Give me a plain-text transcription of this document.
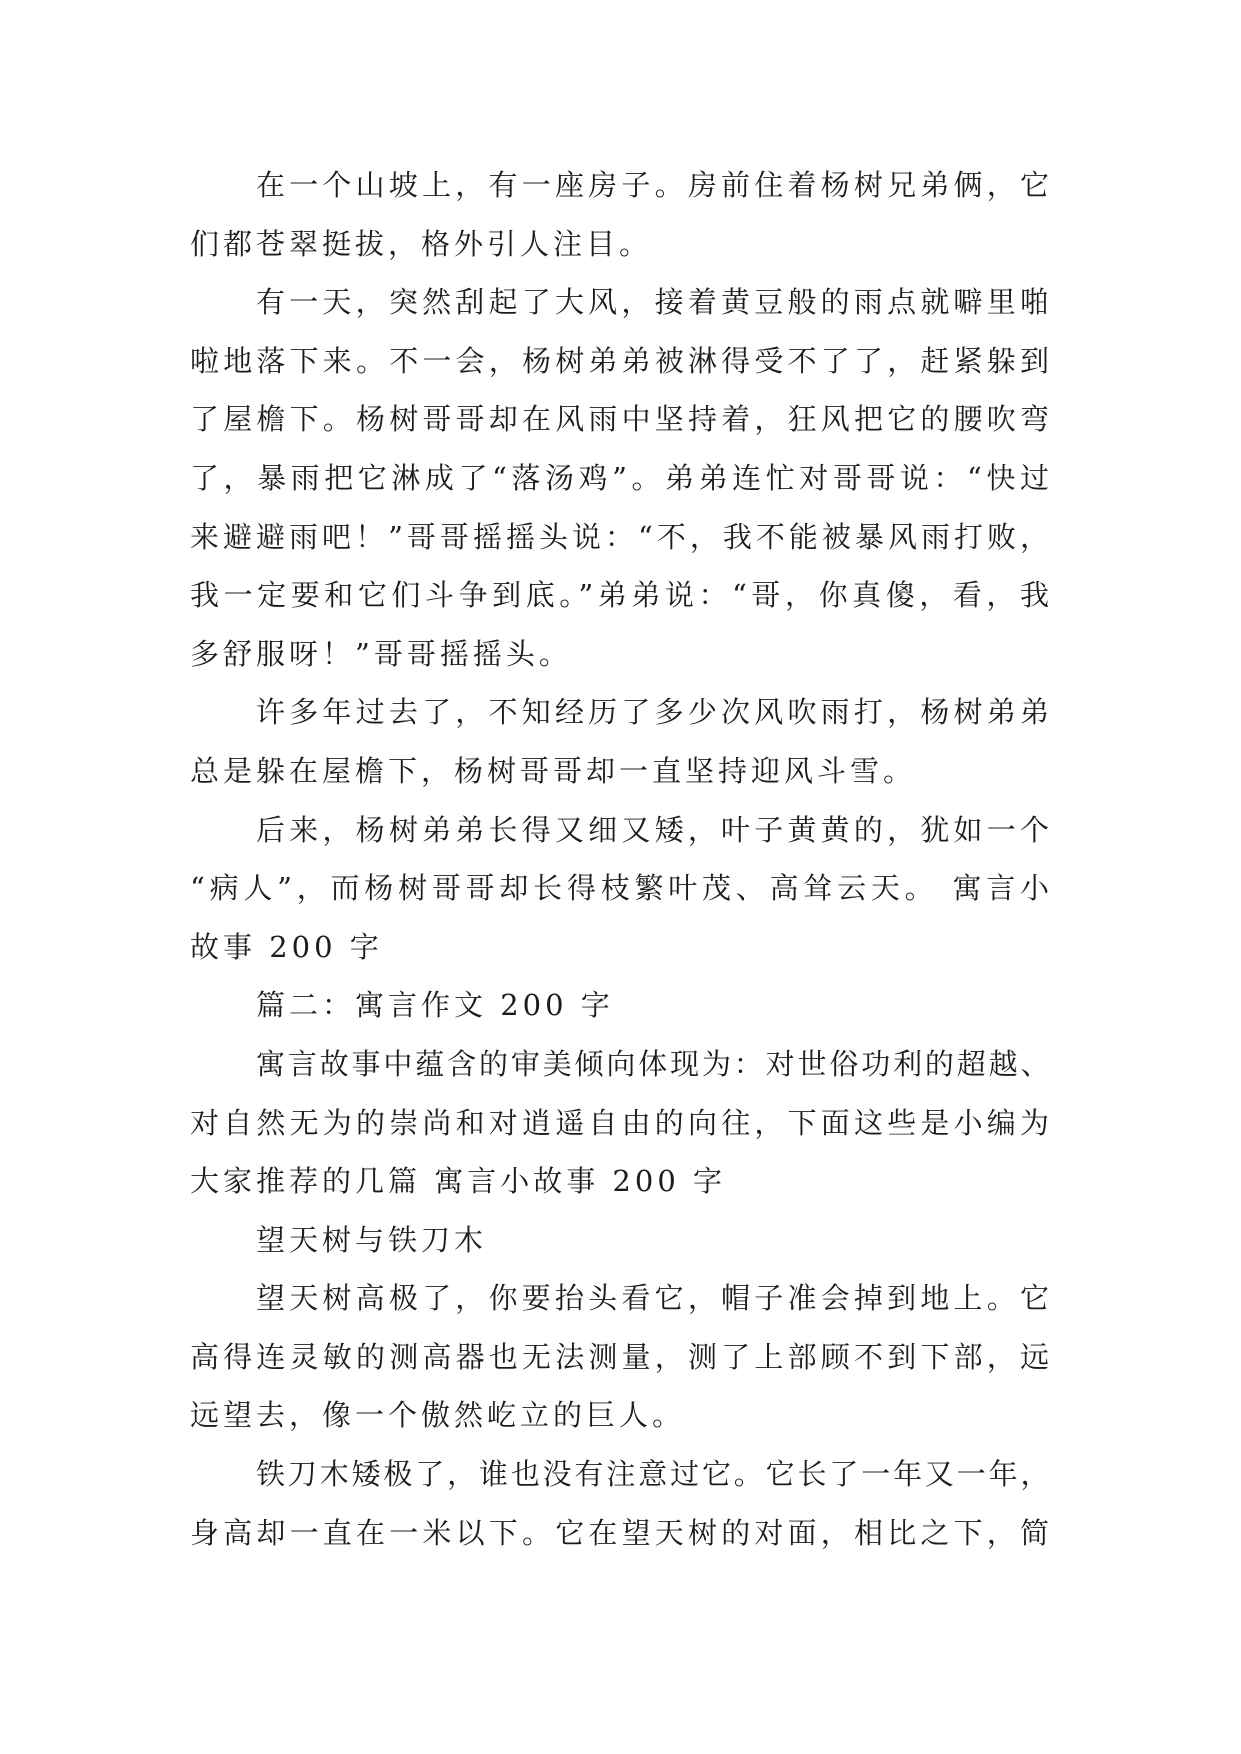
在一个山坡上，有一座房子。房前住着杨树兄弟俩，它
们都苍翠挺拔，格外引人注目。
有一天，突然刮起了大风，接着黄豆般的雨点就噼里啪
啦地落下来。不一会，杨树弟弟被淋得受不了了，赶紧躲到
了屋檐下。杨树哥哥却在风雨中坚持着，狂风把它的腰吹弯
了，暴雨把它淋成了“落汤鸡”。弟弟连忙对哥哥说：“快过
来避避雨吧！”哥哥摇摇头说：“不，我不能被暴风雨打败，
我一定要和它们斗争到底。”弟弟说：“哥，你真傻，看，我
多舒服呀！”哥哥摇摇头。
许多年过去了，不知经历了多少次风吹雨打，杨树弟弟
总是躲在屋檐下，杨树哥哥却一直坚持迎风斗雪。
后来，杨树弟弟长得又细又矮，叶子黄黄的，犹如一个
“病人”，而杨树哥哥却长得枝繁叶茂、高耸云天。 寓言小
故事 200 字
篇二：寓言作文 200 字
寓言故事中蕴含的审美倾向体现为：对世俗功利的超越、
对自然无为的崇尚和对逍遥自由的向往，下面这些是小编为
大家推荐的几篇 寓言小故事 200 字
望天树与铁刀木
望天树高极了，你要抬头看它，帽子准会掉到地上。它
高得连灵敏的测高器也无法测量，测了上部顾不到下部，远
远望去，像一个傲然屹立的巨人。
铁刀木矮极了，谁也没有注意过它。它长了一年又一年，
身高却一直在一米以下。它在望天树的对面，相比之下，简
